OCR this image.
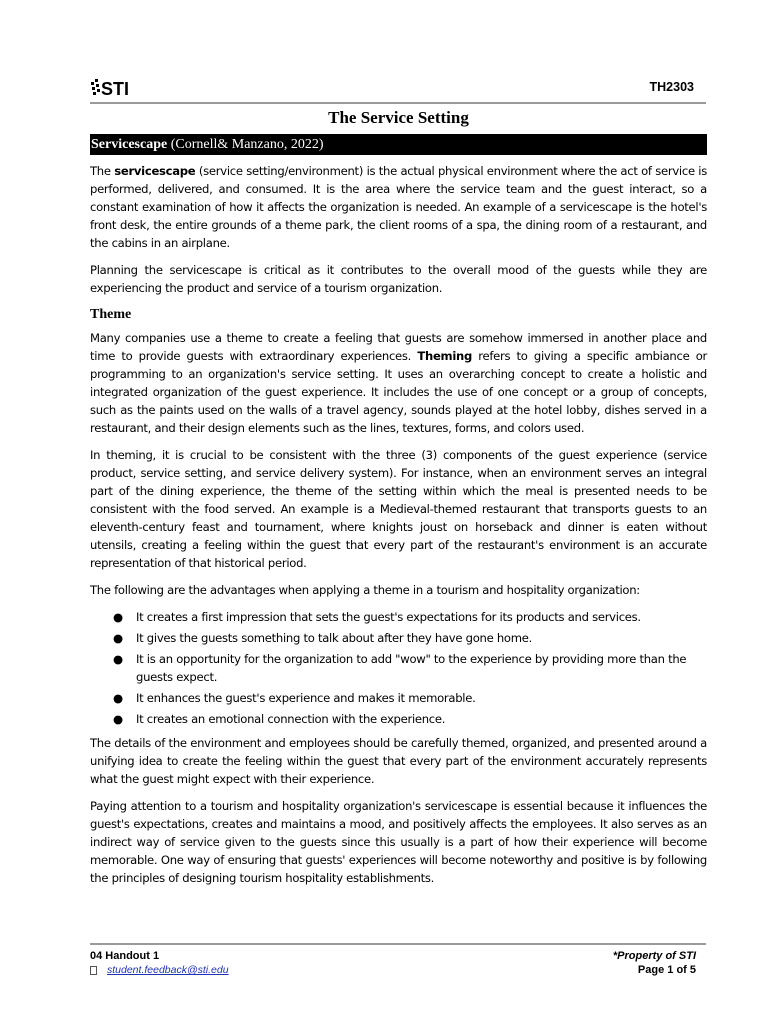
STI	TH2303
The Service Setting
Servicescape (Cornell& Manzano, 2022)

The servicescape (service setting/environment) is the actual physical environment where the act of service is performed, delivered, and consumed. It is the area where the service team and the guest interact, so a constant examination of how it affects the organization is needed. An example of a servicescape is the hotel's front desk, the entire grounds of a theme park, the client rooms of a spa, the dining room of a restaurant, and the cabins in an airplane.

Planning the servicescape is critical as it contributes to the overall mood of the guests while they are experiencing the product and service of a tourism organization.

Theme

Many companies use a theme to create a feeling that guests are somehow immersed in another place and time to provide guests with extraordinary experiences. Theming refers to giving a specific ambiance or programming to an organization's service setting. It uses an overarching concept to create a holistic and integrated organization of the guest experience. It includes the use of one concept or a group of concepts, such as the paints used on the walls of a travel agency, sounds played at the hotel lobby, dishes served in a restaurant, and their design elements such as the lines, textures, forms, and colors used.

In theming, it is crucial to be consistent with the three (3) components of the guest experience (service product, service setting, and service delivery system). For instance, when an environment serves an integral part of the dining experience, the theme of the setting within which the meal is presented needs to be consistent with the food served. An example is a Medieval-themed restaurant that transports guests to an eleventh-century feast and tournament, where knights joust on horseback and dinner is eaten without utensils, creating a feeling within the guest that every part of the restaurant's environment is an accurate representation of that historical period.

The following are the advantages when applying a theme in a tourism and hospitality organization:

● It creates a first impression that sets the guest's expectations for its products and services.
● It gives the guests something to talk about after they have gone home.
● It is an opportunity for the organization to add "wow" to the experience by providing more than the guests expect.
● It enhances the guest's experience and makes it memorable.
● It creates an emotional connection with the experience.

The details of the environment and employees should be carefully themed, organized, and presented around a unifying idea to create the feeling within the guest that every part of the environment accurately represents what the guest might expect with their experience.

Paying attention to a tourism and hospitality organization's servicescape is essential because it influences the guest's expectations, creates and maintains a mood, and positively affects the employees. It also serves as an indirect way of service given to the guests since this usually is a part of how their experience will become memorable. One way of ensuring that guests' experiences will become noteworthy and positive is by following the principles of designing tourism hospitality establishments.

04 Handout 1	*Property of STI
student.feedback@sti.edu	Page 1 of 5
